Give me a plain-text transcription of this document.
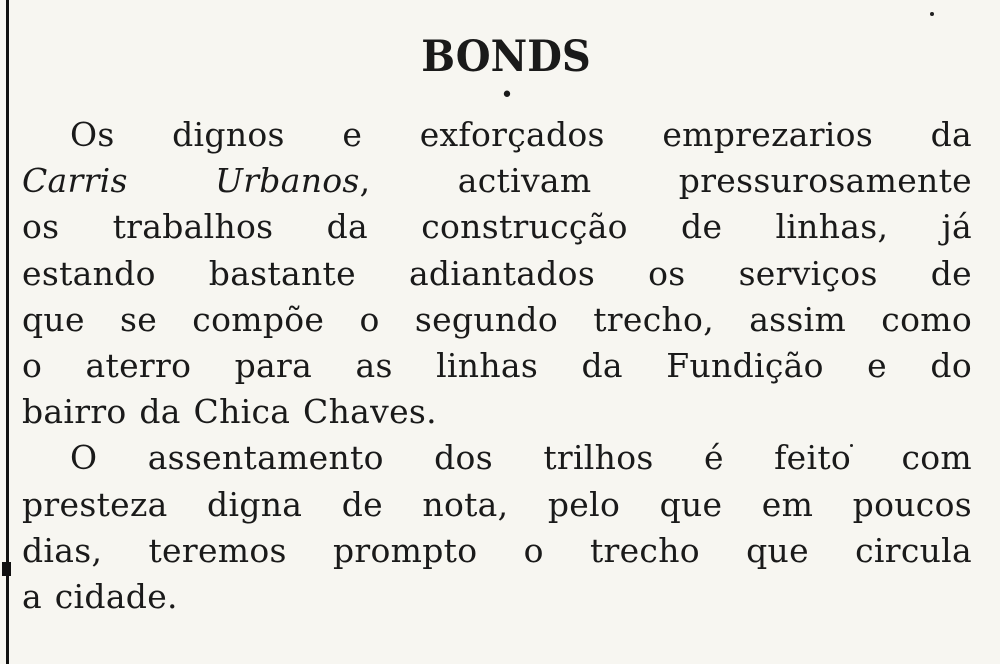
BONDS
•

Os dignos e exforçados emprezarios da
Carris Urbanos, activam pressurosamente
os trabalhos da construcção de linhas, já
estando bastante adiantados os serviços de
que se compõe o segundo trecho, assim como
o aterro para as linhas da Fundição e do
bairro da Chica Chaves.

O assentamento dos trilhos é feito com
presteza digna de nota, pelo que em poucos
dias, teremos prompto o trecho que circula
a cidade.
